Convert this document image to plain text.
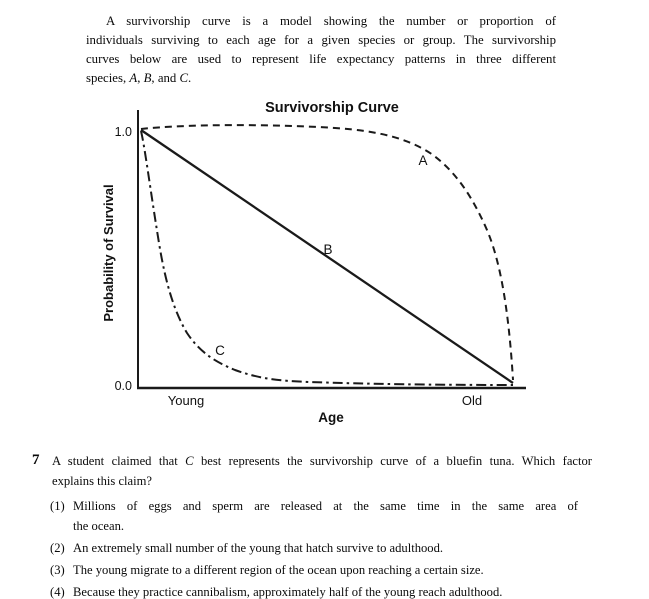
A survivorship curve is a model showing the number or proportion of
individuals surviving to each age for a given species or group. The survivorship
curves below are used to represent life expectancy patterns in three different
species, A, B, and C.
Survivorship Curve
1.0
0.0
Probability of Survival
A
B
C
Young	Old
Age
7 A student claimed that C best represents the survivorship curve of a bluefin tuna. Which factor
explains this claim?
(1) Millions of eggs and sperm are released at the same time in the same area of
the ocean.
(2) An extremely small number of the young that hatch survive to adulthood.
(3) The young migrate to a different region of the ocean upon reaching a certain size.
(4) Because they practice cannibalism, approximately half of the young reach adulthood.
